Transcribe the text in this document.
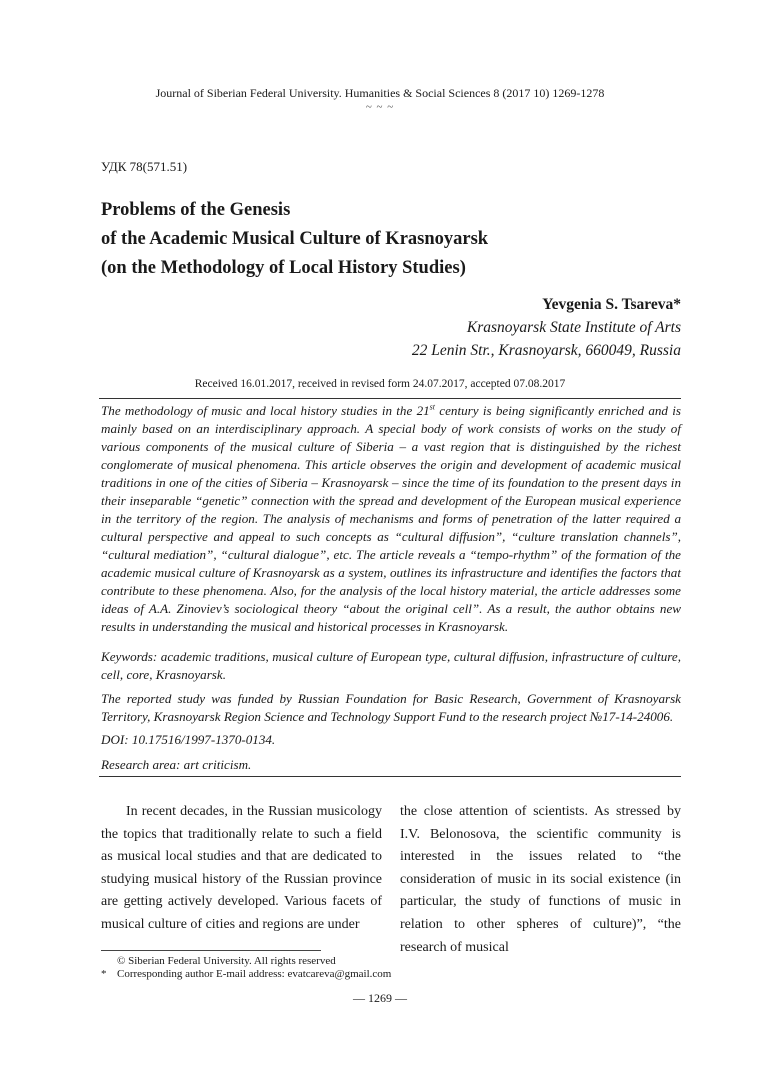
Journal of Siberian Federal University. Humanities & Social Sciences 8 (2017 10) 1269-1278
~ ~ ~
УДК 78(571.51)
Problems of the Genesis
of the Academic Musical Culture of Krasnoyarsk
(on the Methodology of Local History Studies)
Yevgenia S. Tsareva*
Krasnoyarsk State Institute of Arts
22 Lenin Str., Krasnoyarsk, 660049, Russia
Received 16.01.2017, received in revised form 24.07.2017, accepted 07.08.2017
The methodology of music and local history studies in the 21st century is being significantly enriched and is mainly based on an interdisciplinary approach. A special body of work consists of works on the study of various components of the musical culture of Siberia – a vast region that is distinguished by the richest conglomerate of musical phenomena. This article observes the origin and development of academic musical traditions in one of the cities of Siberia – Krasnoyarsk – since the time of its foundation to the present days in their inseparable “genetic” connection with the spread and development of the European musical experience in the territory of the region. The analysis of mechanisms and forms of penetration of the latter required a cultural perspective and appeal to such concepts as “cultural diffusion”, “culture translation channels”, “cultural mediation”, “cultural dialogue”, etc. The article reveals a “tempo-rhythm” of the formation of the academic musical culture of Krasnoyarsk as a system, outlines its infrastructure and identifies the factors that contribute to these phenomena. Also, for the analysis of the local history material, the article addresses some ideas of A.A. Zinoviev’s sociological theory “about the original cell”. As a result, the author obtains new results in understanding the musical and historical processes in Krasnoyarsk.
Keywords: academic traditions, musical culture of European type, cultural diffusion, infrastructure of culture, cell, core, Krasnoyarsk.
The reported study was funded by Russian Foundation for Basic Research, Government of Krasnoyarsk Territory, Krasnoyarsk Region Science and Technology Support Fund to the research project №17-14-24006.
DOI: 10.17516/1997-1370-0134.
Research area: art criticism.
In recent decades, in the Russian musicology the topics that traditionally relate to such a field as musical local studies and that are dedicated to studying musical history of the Russian province are getting actively developed. Various facets of musical culture of cities and regions are under
the close attention of scientists. As stressed by I.V. Belonosova, the scientific community is interested in the issues related to “the consideration of music in its social existence (in particular, the study of functions of music in relation to other spheres of culture)”, “the research of musical
© Siberian Federal University. All rights reserved
* Corresponding author E-mail address: evatcareva@gmail.com
— 1269 —
